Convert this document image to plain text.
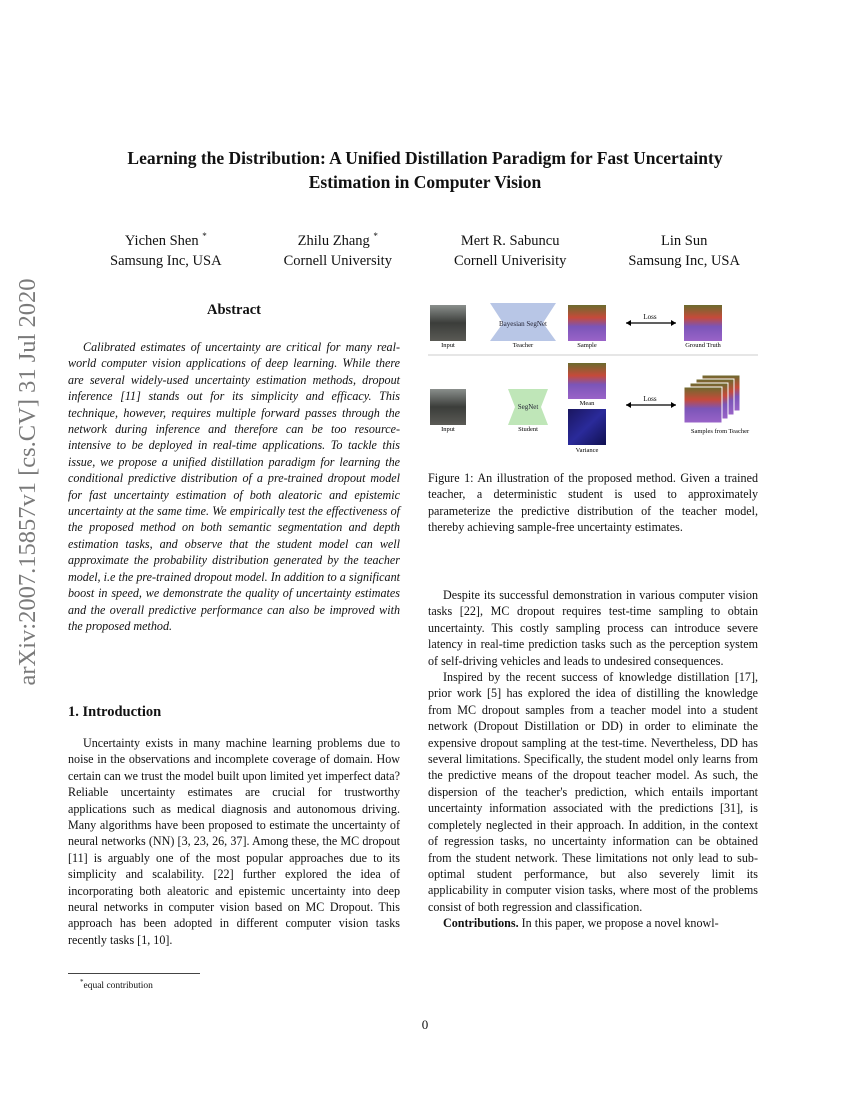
Learning the Distribution: A Unified Distillation Paradigm for Fast Uncertainty
Estimation in Computer Vision
Yichen Shen *
Samsung Inc, USA
Zhilu Zhang *
Cornell University
Mert R. Sabuncu
Cornell Univerisity
Lin Sun
Samsung Inc, USA
arXiv:2007.15857v1 [cs.CV] 31 Jul 2020	Abstract

Calibrated estimates of uncertainty are critical for many real-world computer vision applications of deep learning. While there are several widely-used uncertainty estimation methods, dropout inference [11] stands out for its simplicity and efficacy. This technique, however, requires multiple forward passes through the network during inference and therefore can be too resource-intensive to be deployed in real-time applications. To tackle this issue, we propose a unified distillation paradigm for learning the conditional predictive distribution of a pre-trained dropout model for fast uncertainty estimation of both aleatoric and epistemic uncertainty at the same time. We empirically test the effectiveness of the proposed method on both semantic segmentation and depth estimation tasks, and observe that the student model can well approximate the probability distribution generated by the teacher model, i.e the pre-trained dropout model. In addition to a significant boost in speed, we demonstrate the quality of uncertainty estimates and the overall predictive performance can also be improved with the proposed method.

1. Introduction

Uncertainty exists in many machine learning problems due to noise in the observations and incomplete coverage of domain. How certain can we trust the model built upon limited yet imperfect data? Reliable uncertainty estimates are crucial for trustworthy applications such as medical diagnosis and autonomous driving. Many algorithms have been proposed to estimate the uncertainty of neural networks (NN) [3, 23, 26, 37]. Among these, the MC dropout [11] is arguably one of the most popular approaches due to its simplicity and scalability. [22] further explored the idea of incorporating both aleatoric and epistemic uncertainty into deep neural networks in computer vision based on MC Dropout. This approach has been adopted in different computer vision tasks recently tasks [1, 10].

*equal contribution
Bayesian SegNet
Loss
Input	Teacher	Sample	Ground Truth
SegNet	Mean
Variance
Loss
Input	Student	Samples from Teacher

Figure 1: An illustration of the proposed method. Given a trained teacher, a deterministic student is used to approximately parameterize the predictive distribution of the teacher model, thereby achieving sample-free uncertainty estimates.

Despite its successful demonstration in various computer vision tasks [22], MC dropout requires test-time sampling to obtain uncertainty. This costly sampling process can introduce severe latency in real-time prediction tasks such as the perception system of self-driving vehicles and leads to undesired consequences.

Inspired by the recent success of knowledge distillation [17], prior work [5] has explored the idea of distilling the knowledge from MC dropout samples from a teacher model into a student network (Dropout Distillation or DD) in order to eliminate the expensive dropout sampling at the test-time. Nevertheless, DD has several limitations. Specifically, the student model only learns from the predictive means of the dropout teacher model. As such, the dispersion of the teacher's prediction, which entails important uncertainty information associated with the predictions [31], is completely neglected in their approach. In addition, in the context of regression tasks, no uncertainty information can be obtained from the student network. These limitations not only lead to sub-optimal student performance, but also severely limit its applicability in computer vision tasks, where most of the problems consist of both regression and classification.

Contributions. In this paper, we propose a novel knowl-

0
